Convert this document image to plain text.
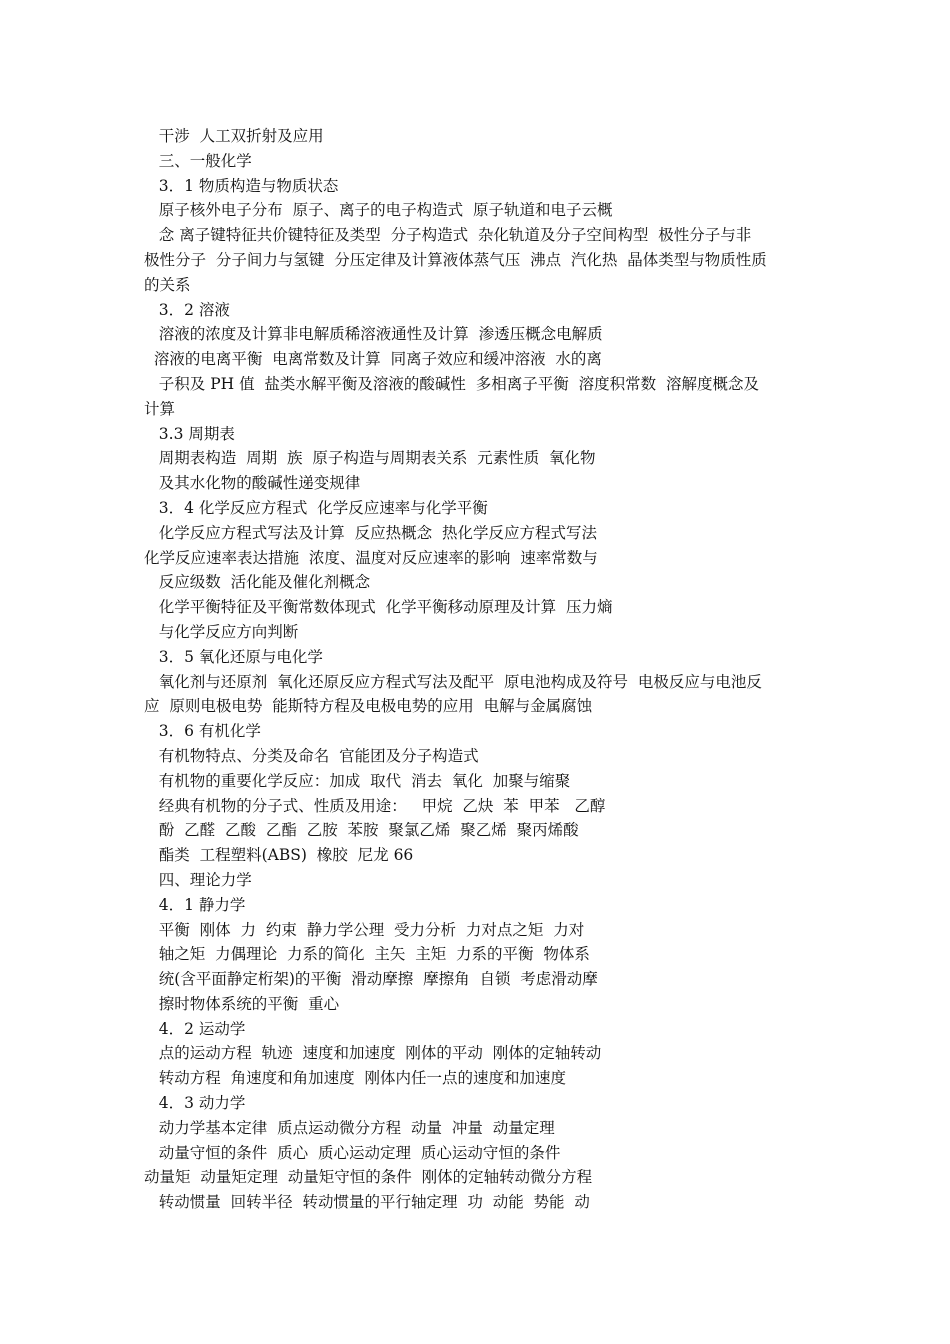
干涉  人工双折射及应用
三、一般化学
3．1 物质构造与物质状态
原子核外电子分布  原子、离子的电子构造式  原子轨道和电子云概
念 离子键特征共价键特征及类型  分子构造式  杂化轨道及分子空间构型  极性分子与非
极性分子  分子间力与氢键  分压定律及计算液体蒸气压  沸点  汽化热  晶体类型与物质性质
的关系
3．2 溶液
溶液的浓度及计算非电解质稀溶液通性及计算  渗透压概念电解质
溶液的电离平衡  电离常数及计算  同离子效应和缓冲溶液  水的离
子积及 PH 值  盐类水解平衡及溶液的酸碱性  多相离子平衡  溶度积常数  溶解度概念及
计算
3.3 周期表
周期表构造  周期  族  原子构造与周期表关系  元素性质  氧化物
及其水化物的酸碱性递变规律
3．4 化学反应方程式  化学反应速率与化学平衡
化学反应方程式写法及计算  反应热概念  热化学反应方程式写法
化学反应速率表达措施  浓度、温度对反应速率的影响  速率常数与
反应级数  活化能及催化剂概念
化学平衡特征及平衡常数体现式  化学平衡移动原理及计算  压力熵
与化学反应方向判断
3．5 氧化还原与电化学
氧化剂与还原剂  氧化还原反应方程式写法及配平  原电池构成及符号  电极反应与电池反
应  原则电极电势  能斯特方程及电极电势的应用  电解与金属腐蚀
3．6 有机化学
有机物特点、分类及命名  官能团及分子构造式
有机物的重要化学反应：加成  取代  消去  氧化  加聚与缩聚
经典有机物的分子式、性质及用途：   甲烷  乙炔  苯  甲苯   乙醇
酚  乙醛  乙酸  乙酯  乙胺  苯胺  聚氯乙烯  聚乙烯  聚丙烯酸
酯类  工程塑料(ABS)  橡胶  尼龙 66
四、理论力学
4．1 静力学
平衡  刚体  力  约束  静力学公理  受力分析  力对点之矩  力对
轴之矩  力偶理论  力系的简化  主矢  主矩  力系的平衡  物体系
统(含平面静定桁架)的平衡  滑动摩擦  摩擦角  自锁  考虑滑动摩
擦时物体系统的平衡  重心
4．2 运动学
点的运动方程  轨迹  速度和加速度  刚体的平动  刚体的定轴转动
转动方程  角速度和角加速度  刚体内任一点的速度和加速度
4．3 动力学
动力学基本定律  质点运动微分方程  动量  冲量  动量定理
动量守恒的条件  质心  质心运动定理  质心运动守恒的条件
动量矩  动量矩定理  动量矩守恒的条件  刚体的定轴转动微分方程
转动惯量  回转半径  转动惯量的平行轴定理  功  动能  势能  动
